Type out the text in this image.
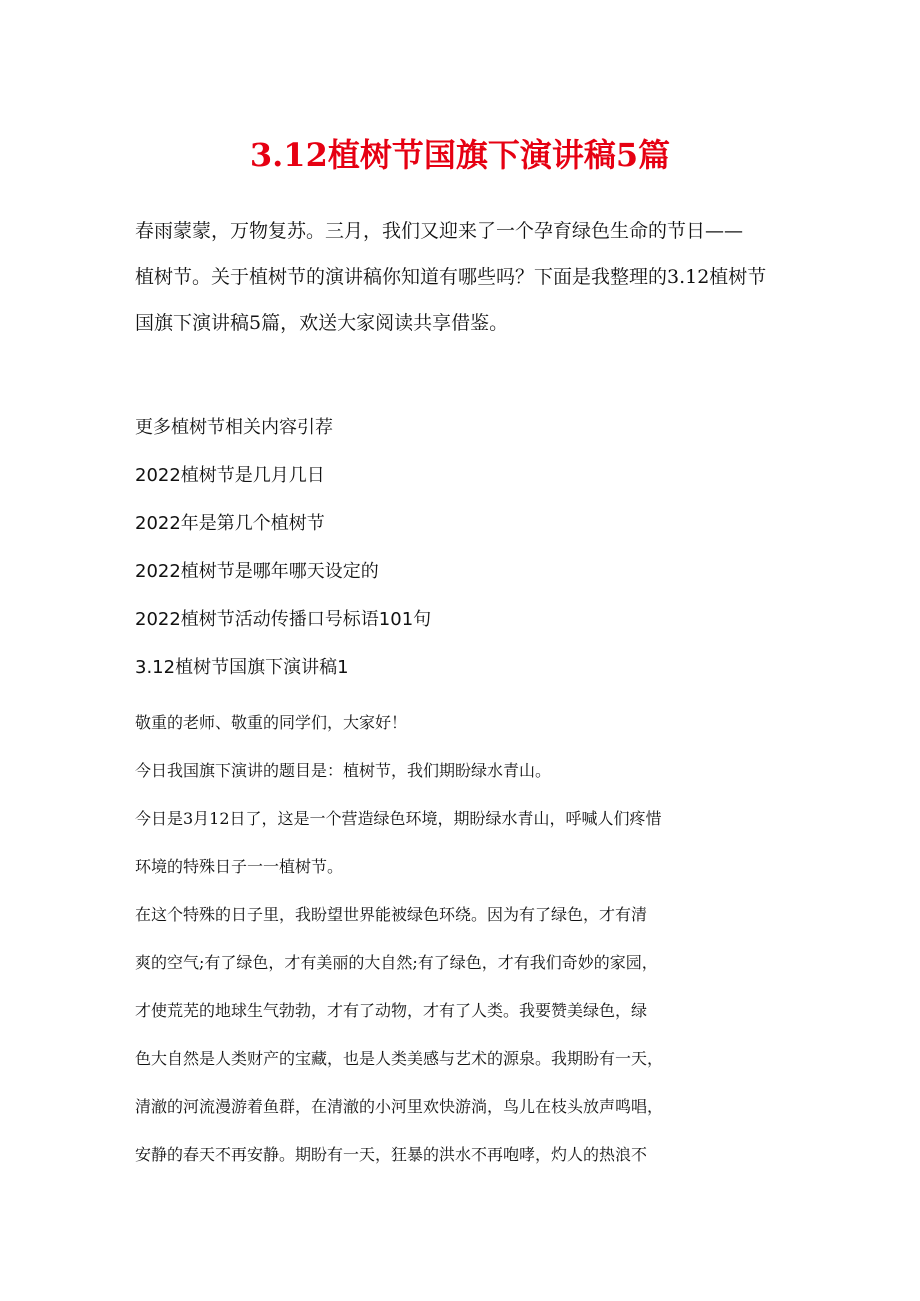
3.12植树节国旗下演讲稿5篇

春雨蒙蒙，万物复苏。三月，我们又迎来了一个孕育绿色生命的节日——

植树节。关于植树节的演讲稿你知道有哪些吗？下面是我整理的3.12植树节

国旗下演讲稿5篇，欢送大家阅读共享借鉴。

更多植树节相关内容引荐
2022植树节是几月几日
2022年是第几个植树节
2022植树节是哪年哪天设定的
2022植树节活动传播口号标语101句
3.12植树节国旗下演讲稿1
敬重的老师、敬重的同学们，大家好！
今日我国旗下演讲的题目是：植树节，我们期盼绿水青山。
今日是3月12日了，这是一个营造绿色环境，期盼绿水青山，呼喊人们疼惜
环境的特殊日子一一植树节。
在这个特殊的日子里，我盼望世界能被绿色环绕。因为有了绿色，才有清
爽的空气;有了绿色，才有美丽的大自然;有了绿色，才有我们奇妙的家园，
才使荒芜的地球生气勃勃，才有了动物，才有了人类。我要赞美绿色，绿
色大自然是人类财产的宝藏，也是人类美感与艺术的源泉。我期盼有一天，
清澈的河流漫游着鱼群，在清澈的小河里欢快游淌，鸟儿在枝头放声鸣唱，
安静的春天不再安静。期盼有一天，狂暴的洪水不再咆哮，灼人的热浪不
